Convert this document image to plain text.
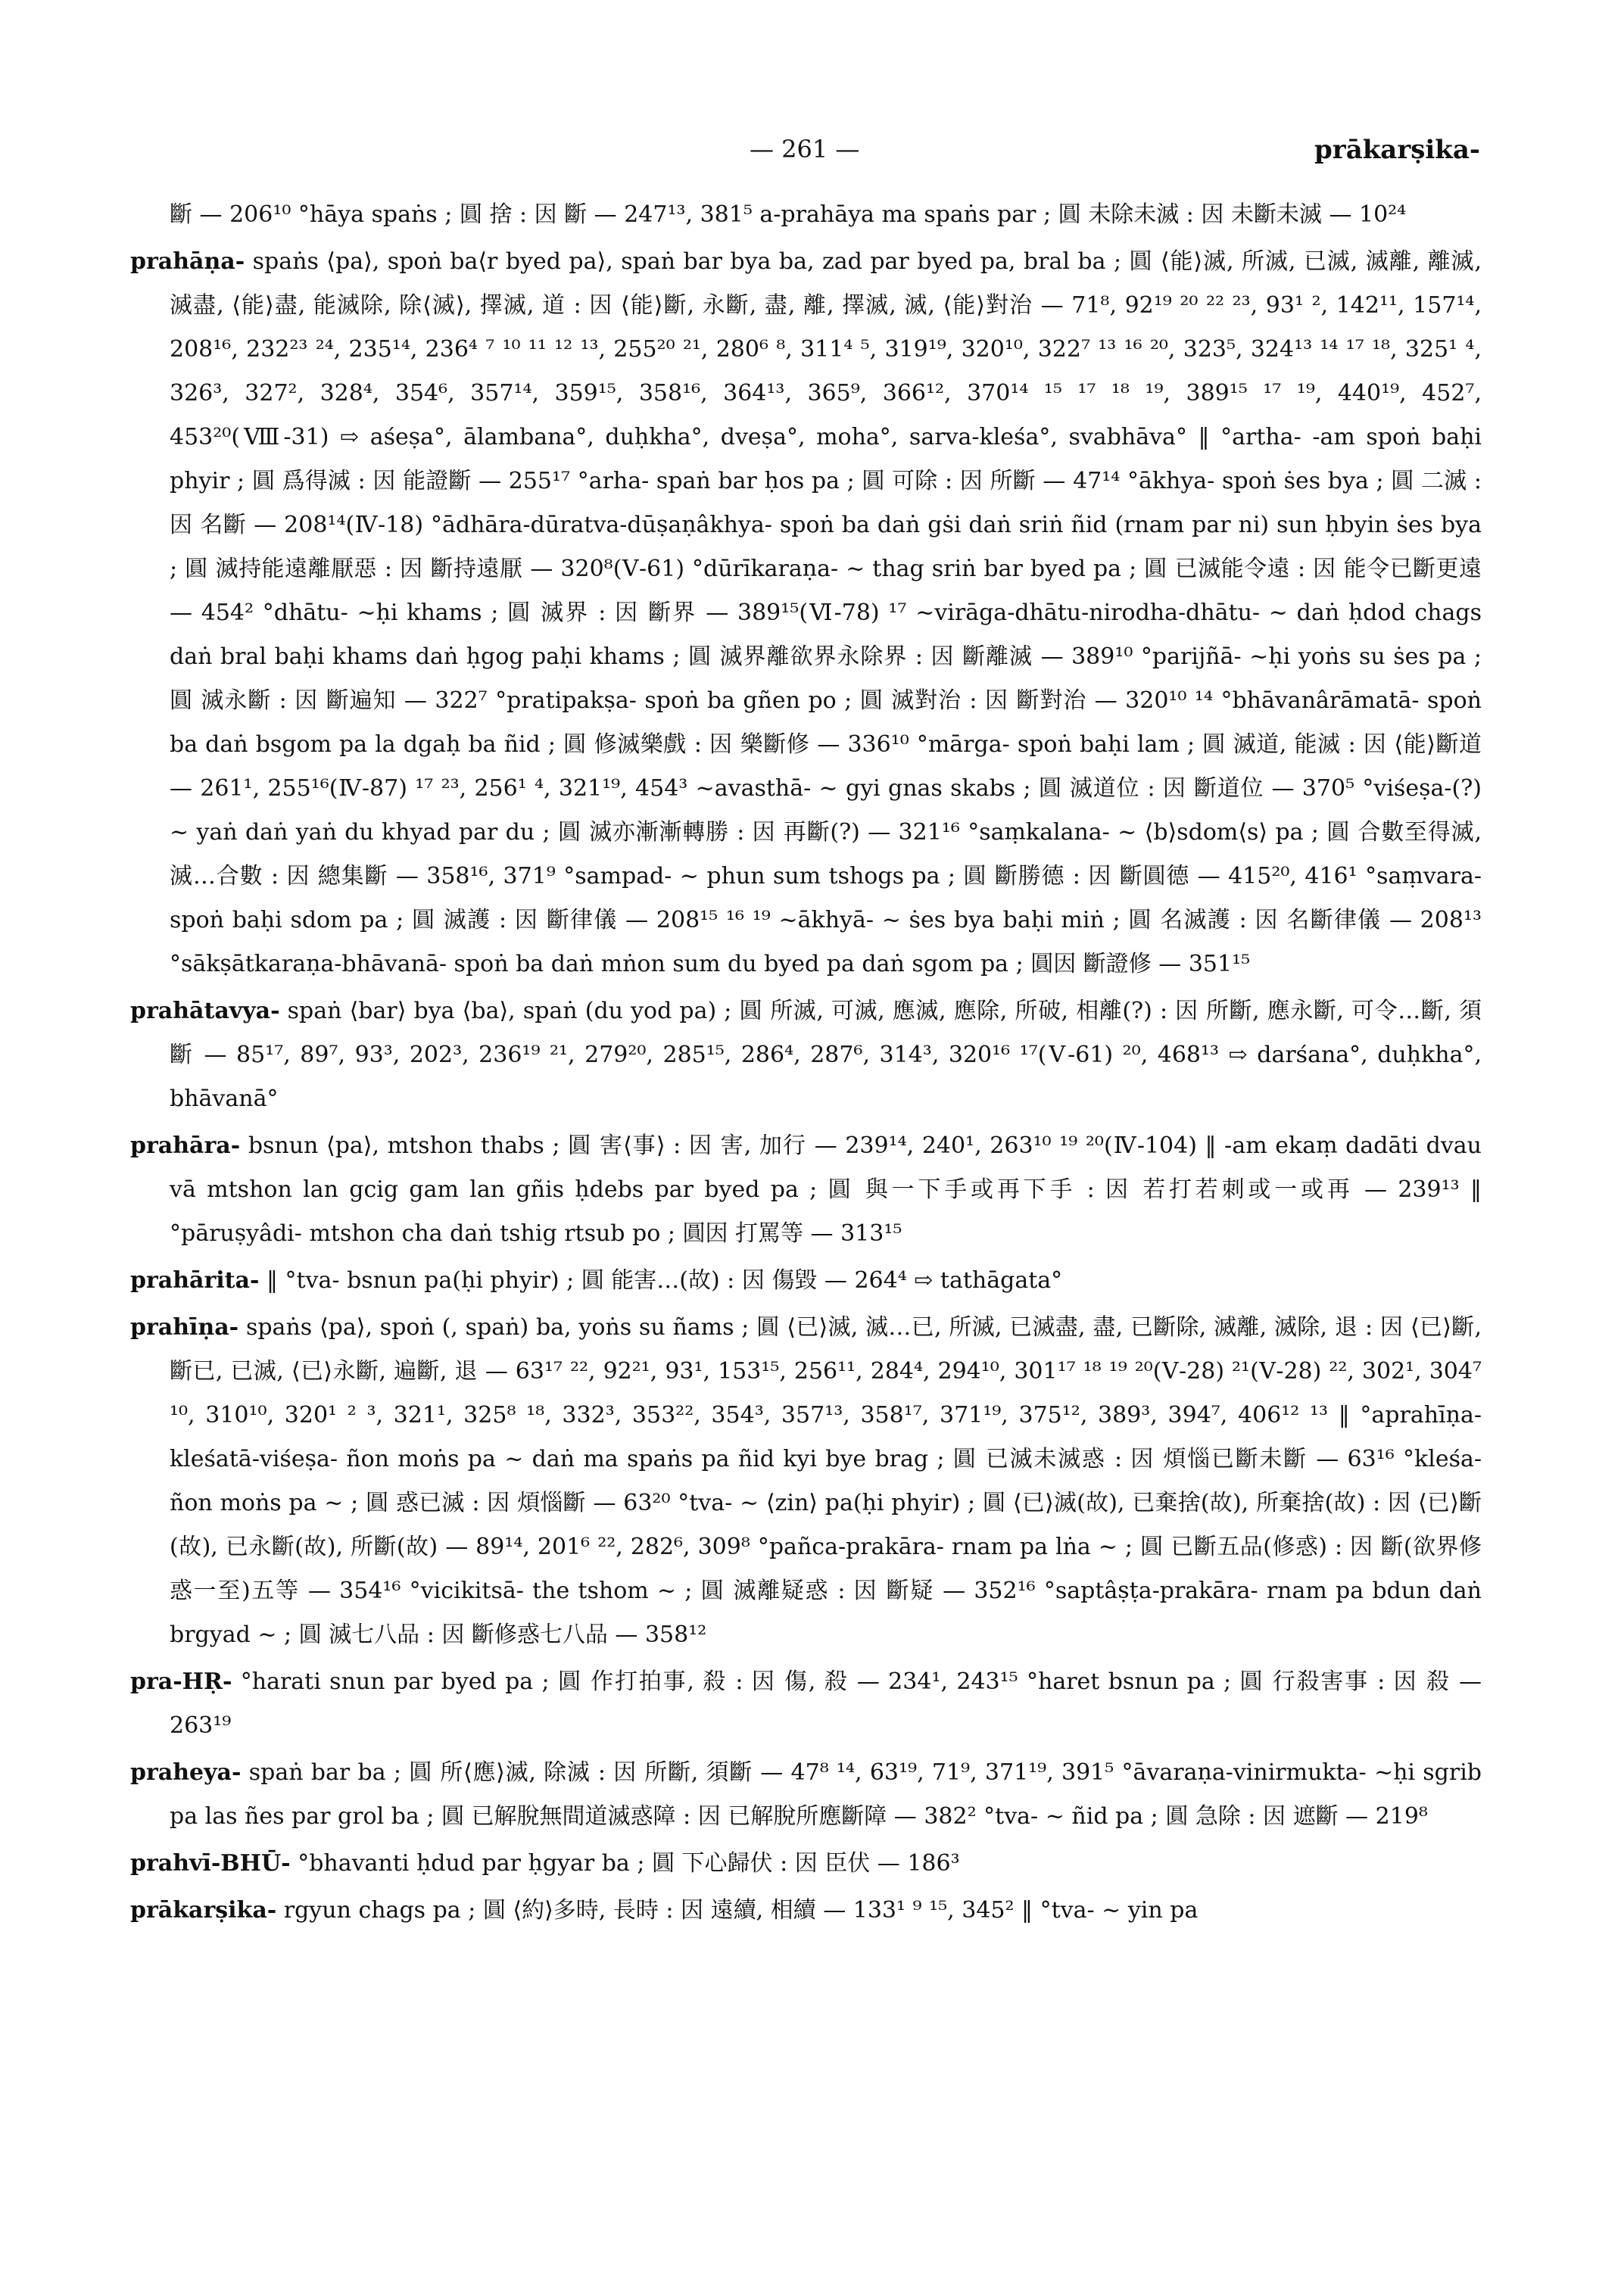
— 261 —	prākarṣika-

斷 — 206¹⁰ °hāya spaṅs ; 圓 捨 : 因 斷 — 247¹³, 381⁵ a-prahāya ma spaṅs par ; 圓 未除未滅 : 因 未斷未滅 — 10²⁴

prahāṇa- spaṅs ⟨pa⟩, spoṅ ba⟨r byed pa⟩, spaṅ bar bya ba, zad par byed pa, bral ba ; 圓 ⟨能⟩滅, 所滅, 已滅, 滅離, 離滅, 滅盡, ⟨能⟩盡, 能滅除, 除⟨滅⟩, 擇滅, 道 : 因 ⟨能⟩斷, 永斷, 盡, 離, 擇滅, 滅, ⟨能⟩對治 — 71⁸, 92¹⁹ ²⁰ ²² ²³, 93¹ ², 142¹¹, 157¹⁴, 208¹⁶, 232²³ ²⁴, 235¹⁴, 236⁴ ⁷ ¹⁰ ¹¹ ¹² ¹³, 255²⁰ ²¹, 280⁶ ⁸, 311⁴ ⁵, 319¹⁹, 320¹⁰, 322⁷ ¹³ ¹⁶ ²⁰, 323⁵, 324¹³ ¹⁴ ¹⁷ ¹⁸, 325¹ ⁴, 326³, 327², 328⁴, 354⁶, 357¹⁴, 359¹⁵, 358¹⁶, 364¹³, 365⁹, 366¹², 370¹⁴ ¹⁵ ¹⁷ ¹⁸ ¹⁹, 389¹⁵ ¹⁷ ¹⁹, 440¹⁹, 452⁷, 453²⁰(Ⅷ-31) ⇨ aśeṣa°, ālambana°, duḥkha°, dveṣa°, moha°, sarva-kleśa°, svabhāva° ‖ °artha- -am spoṅ baḥi phyir ; 圓 爲得滅 : 因 能證斷 — 255¹⁷ °arha- spaṅ bar ḥos pa ; 圓 可除 : 因 所斷 — 47¹⁴ °ākhya- spoṅ ṡes bya ; 圓 二滅 : 因 名斷 — 208¹⁴(Ⅳ-18) °ādhāra-dūratva-dūṣaṇâkhya- spoṅ ba daṅ gṡi daṅ sriṅ ñid (rnam par ni) sun ḥbyin ṡes bya ; 圓 滅持能遠離厭惡 : 因 斷持遠厭 — 320⁸(Ⅴ-61) °dūrīkaraṇa- ~ thag sriṅ bar byed pa ; 圓 已滅能令遠 : 因 能令已斷更遠 — 454² °dhātu- ~ḥi khams ; 圓 滅界 : 因 斷界 — 389¹⁵(Ⅵ-78) ¹⁷ ~virāga-dhātu-nirodha-dhātu- ~ daṅ ḥdod chags daṅ bral baḥi khams daṅ ḥgog paḥi khams ; 圓 滅界離欲界永除界 : 因 斷離滅 — 389¹⁰ °parijñā- ~ḥi yoṅs su ṡes pa ; 圓 滅永斷 : 因 斷遍知 — 322⁷ °pratipakṣa- spoṅ ba gñen po ; 圓 滅對治 : 因 斷對治 — 320¹⁰ ¹⁴ °bhāvanârāmatā- spoṅ ba daṅ bsgom pa la dgaḥ ba ñid ; 圓 修滅樂戲 : 因 樂斷修 — 336¹⁰ °mārga- spoṅ baḥi lam ; 圓 滅道, 能滅 : 因 ⟨能⟩斷道 — 261¹, 255¹⁶(Ⅳ-87) ¹⁷ ²³, 256¹ ⁴, 321¹⁹, 454³ ~avasthā- ~ gyi gnas skabs ; 圓 滅道位 : 因 斷道位 — 370⁵ °viśeṣa-(?) ~ yaṅ daṅ yaṅ du khyad par du ; 圓 滅亦漸漸轉勝 : 因 再斷(?) — 321¹⁶ °saṃkalana- ~ ⟨b⟩sdom⟨s⟩ pa ; 圓 合數至得滅, 滅…合數 : 因 總集斷 — 358¹⁶, 371⁹ °sampad- ~ phun sum tshogs pa ; 圓 斷勝德 : 因 斷圓德 — 415²⁰, 416¹ °saṃvara- spoṅ baḥi sdom pa ; 圓 滅護 : 因 斷律儀 — 208¹⁵ ¹⁶ ¹⁹ ~ākhyā- ~ ṡes bya baḥi miṅ ; 圓 名滅護 : 因 名斷律儀 — 208¹³ °sākṣātkaraṇa-bhāvanā- spoṅ ba daṅ mṅon sum du byed pa daṅ sgom pa ; 圓因 斷證修 — 351¹⁵

prahātavya- spaṅ ⟨bar⟩ bya ⟨ba⟩, spaṅ (du yod pa) ; 圓 所滅, 可滅, 應滅, 應除, 所破, 相離(?) : 因 所斷, 應永斷, 可令…斷, 須斷 — 85¹⁷, 89⁷, 93³, 202³, 236¹⁹ ²¹, 279²⁰, 285¹⁵, 286⁴, 287⁶, 314³, 320¹⁶ ¹⁷(Ⅴ-61) ²⁰, 468¹³ ⇨ darśana°, duḥkha°, bhāvanā°

prahāra- bsnun ⟨pa⟩, mtshon thabs ; 圓 害⟨事⟩ : 因 害, 加行 — 239¹⁴, 240¹, 263¹⁰ ¹⁹ ²⁰(Ⅳ-104) ‖ -am ekaṃ dadāti dvau vā mtshon lan gcig gam lan gñis ḥdebs par byed pa ; 圓 與一下手或再下手 : 因 若打若刺或一或再 — 239¹³ ‖ °pāruṣyâdi- mtshon cha daṅ tshig rtsub po ; 圓因 打罵等 — 313¹⁵

prahārita- ‖ °tva- bsnun pa(ḥi phyir) ; 圓 能害…(故) : 因 傷毀 — 264⁴ ⇨ tathāgata°

prahīṇa- spaṅs ⟨pa⟩, spoṅ (, spaṅ) ba, yoṅs su ñams ; 圓 ⟨已⟩滅, 滅…已, 所滅, 已滅盡, 盡, 已斷除, 滅離, 滅除, 退 : 因 ⟨已⟩斷, 斷已, 已滅, ⟨已⟩永斷, 遍斷, 退 — 63¹⁷ ²², 92²¹, 93¹, 153¹⁵, 256¹¹, 284⁴, 294¹⁰, 301¹⁷ ¹⁸ ¹⁹ ²⁰(Ⅴ-28) ²¹(Ⅴ-28) ²², 302¹, 304⁷ ¹⁰, 310¹⁰, 320¹ ² ³, 321¹, 325⁸ ¹⁸, 332³, 353²², 354³, 357¹³, 358¹⁷, 371¹⁹, 375¹², 389³, 394⁷, 406¹² ¹³ ‖ °aprahīṇa-kleśatā-viśeṣa- ñon moṅs pa ~ daṅ ma spaṅs pa ñid kyi bye brag ; 圓 已滅未滅惑 : 因 煩惱已斷未斷 — 63¹⁶ °kleśa- ñon moṅs pa ~ ; 圓 惑已滅 : 因 煩惱斷 — 63²⁰ °tva- ~ ⟨zin⟩ pa(ḥi phyir) ; 圓 ⟨已⟩滅(故), 已棄捨(故), 所棄捨(故) : 因 ⟨已⟩斷(故), 已永斷(故), 所斷(故) — 89¹⁴, 201⁶ ²², 282⁶, 309⁸ °pañca-prakāra- rnam pa lṅa ~ ; 圓 已斷五品(修惑) : 因 斷(欲界修惑一至)五等 — 354¹⁶ °vicikitsā- the tshom ~ ; 圓 滅離疑惑 : 因 斷疑 — 352¹⁶ °saptâṣṭa-prakāra- rnam pa bdun daṅ brgyad ~ ; 圓 滅七八品 : 因 斷修惑七八品 — 358¹²

pra-HṚ- °harati snun par byed pa ; 圓 作打拍事, 殺 : 因 傷, 殺 — 234¹, 243¹⁵ °haret bsnun pa ; 圓 行殺害事 : 因 殺 — 263¹⁹

praheya- spaṅ bar ba ; 圓 所⟨應⟩滅, 除滅 : 因 所斷, 須斷 — 47⁸ ¹⁴, 63¹⁹, 71⁹, 371¹⁹, 391⁵ °āvaraṇa-vinirmukta- ~ḥi sgrib pa las ñes par grol ba ; 圓 已解脫無間道滅惑障 : 因 已解脫所應斷障 — 382² °tva- ~ ñid pa ; 圓 急除 : 因 遮斷 — 219⁸

prahvī-BHŪ- °bhavanti ḥdud par ḥgyar ba ; 圓 下心歸伏 : 因 臣伏 — 186³

prākarṣika- rgyun chags pa ; 圓 ⟨約⟩多時, 長時 : 因 遠續, 相續 — 133¹ ⁹ ¹⁵, 345² ‖ °tva- ~ yin pa
